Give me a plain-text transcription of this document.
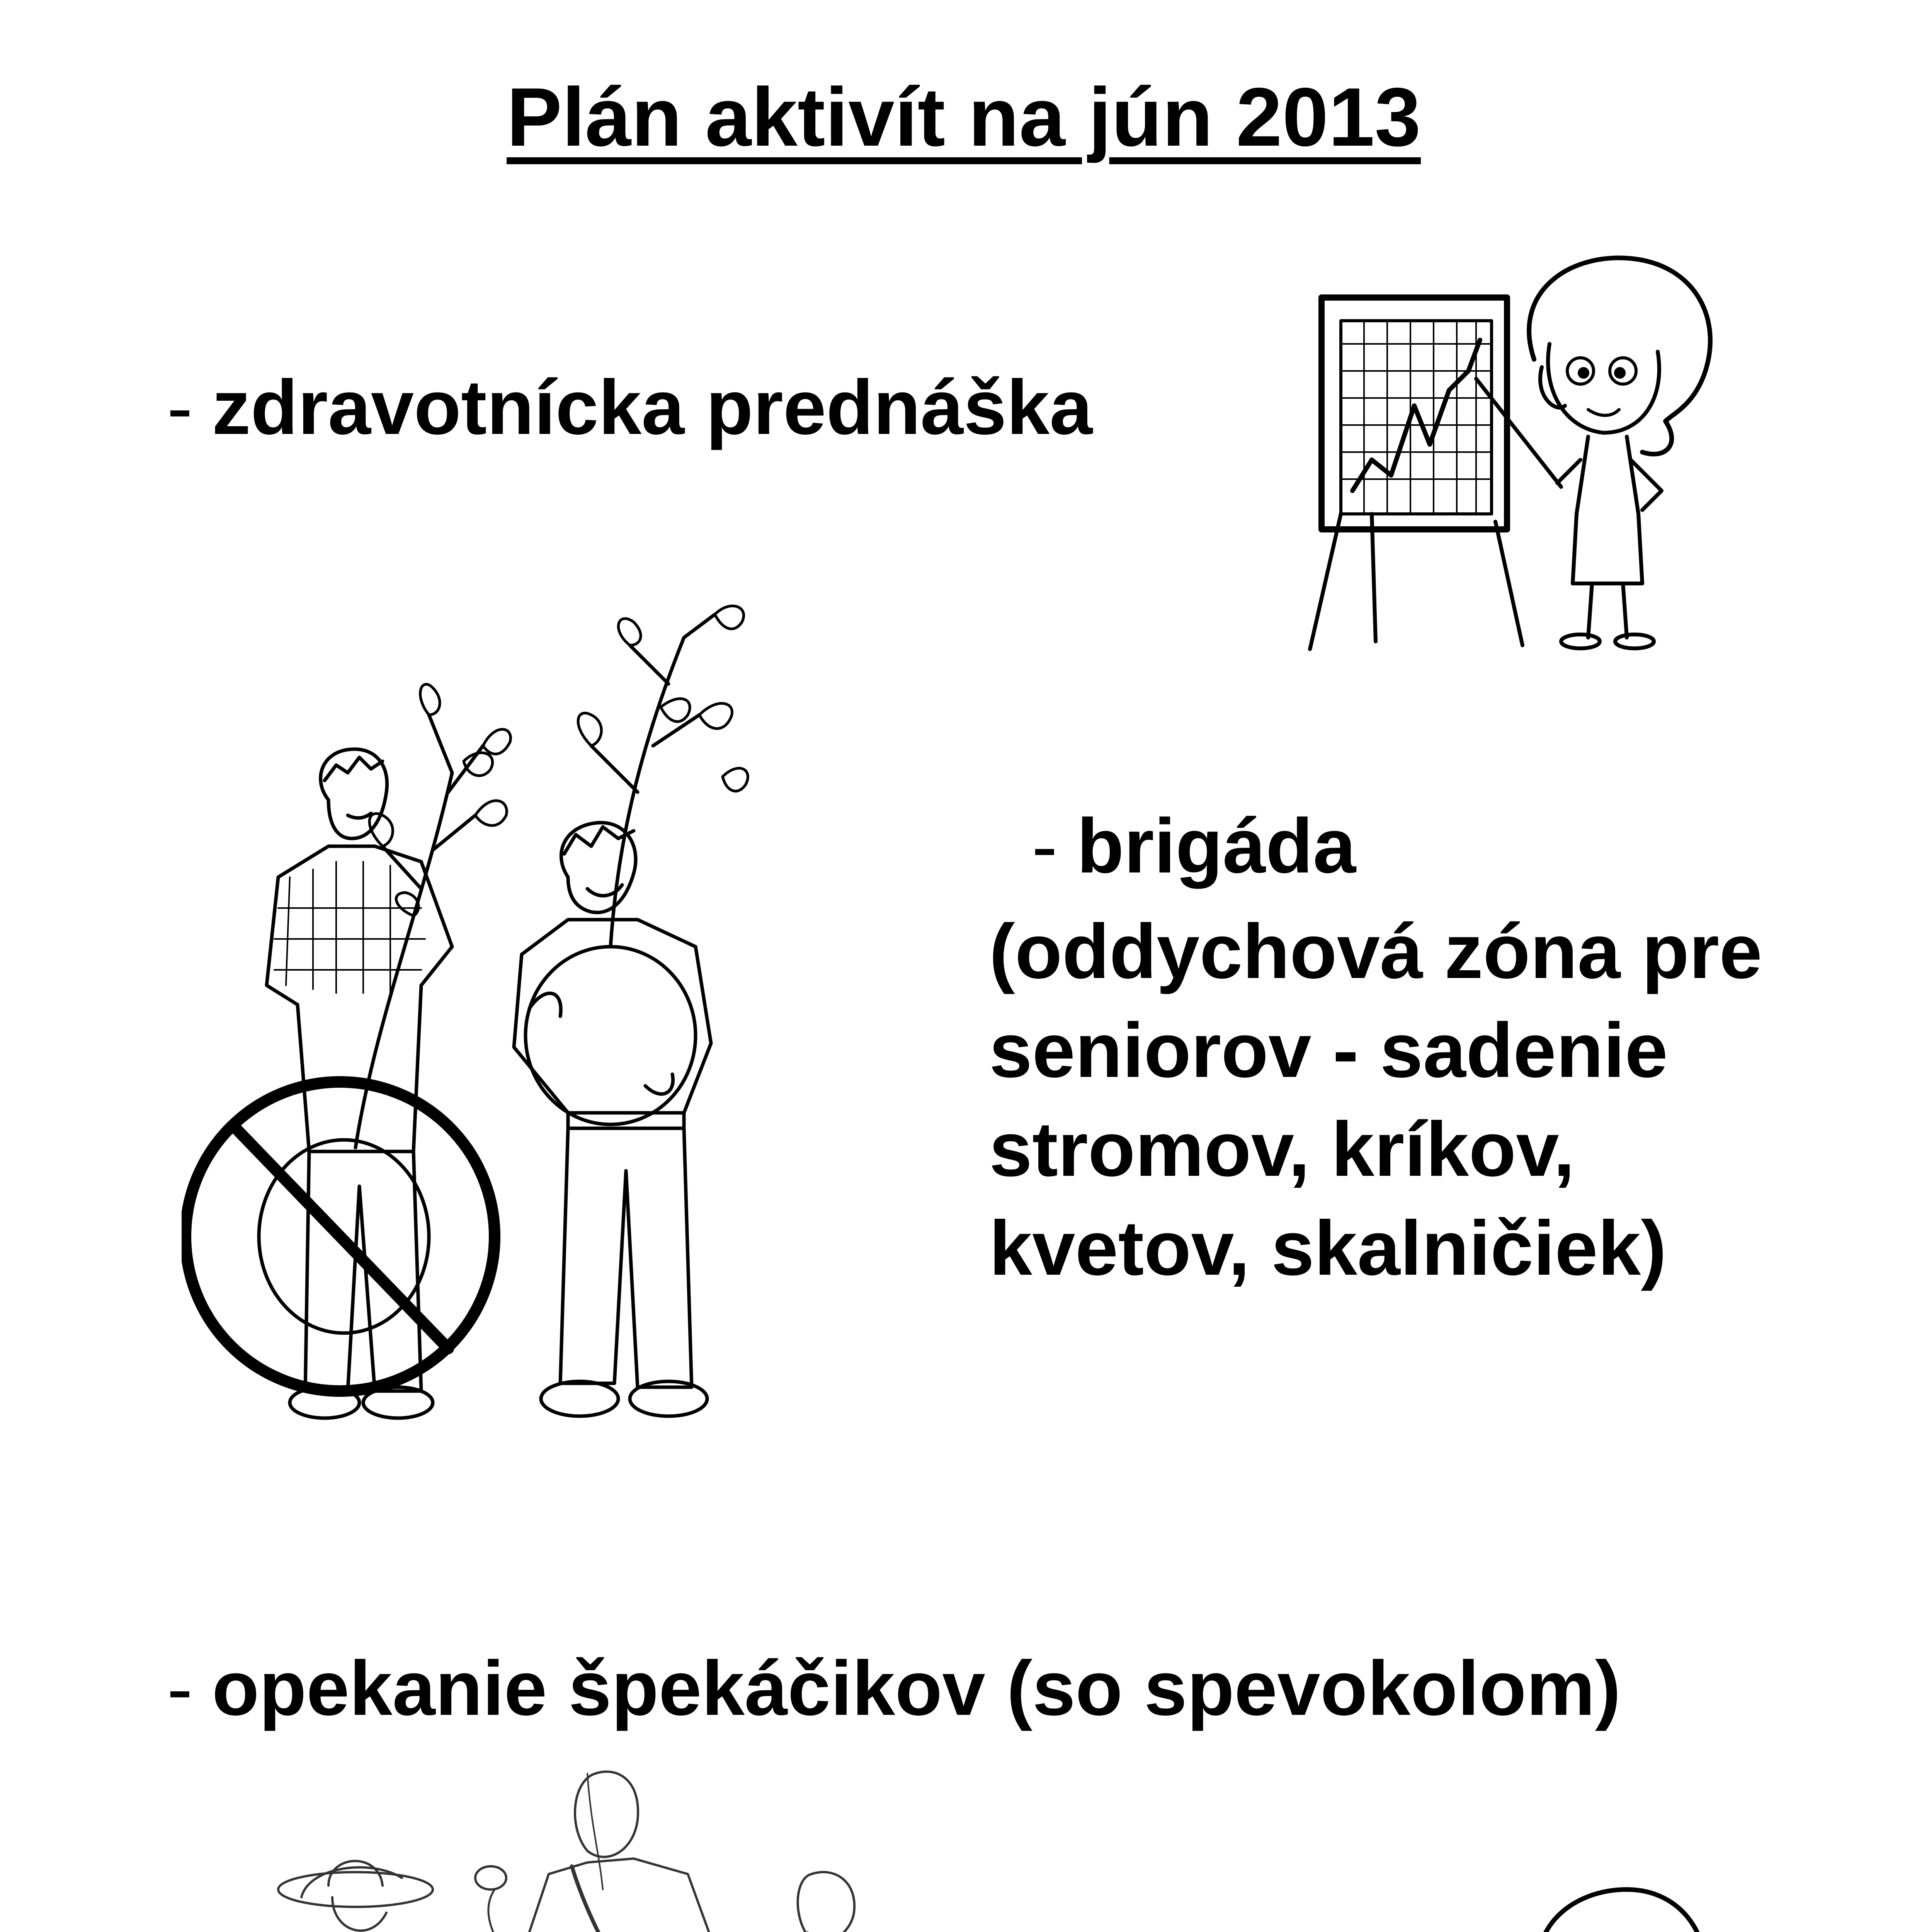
Plán aktivít na jún 2013
- zdravotnícka prednáška
- brigáda
(oddychová zóna pre
seniorov - sadenie
stromov, kríkov,
kvetov, skalničiek)
- opekanie špekáčikov (so spevokolom)
